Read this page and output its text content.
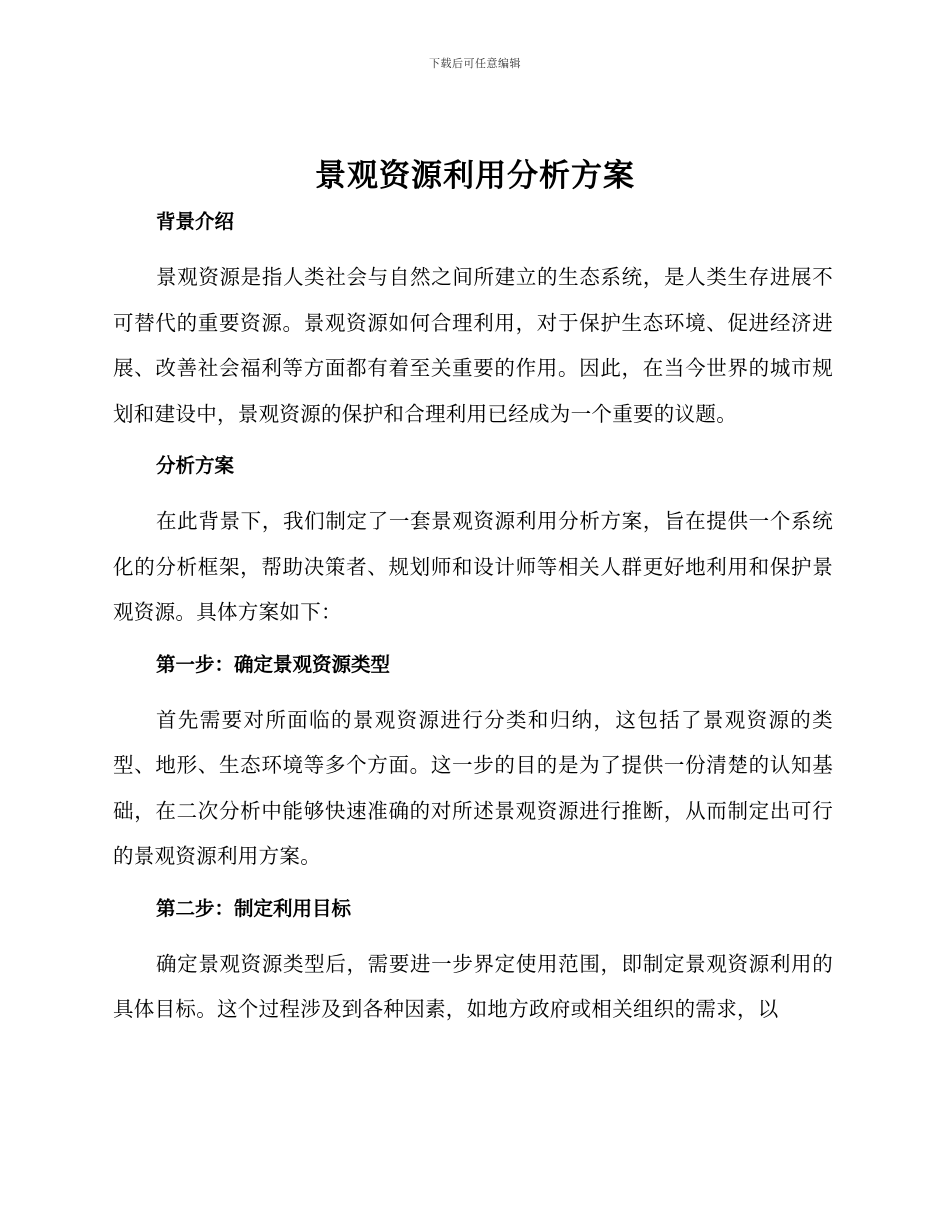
下载后可任意编辑
景观资源利用分析方案
背景介绍

景观资源是指人类社会与自然之间所建立的生态系统，是人类生存进展不可替代的重要资源。景观资源如何合理利用，对于保护生态环境、促进经济进展、改善社会福利等方面都有着至关重要的作用。因此，在当今世界的城市规划和建设中，景观资源的保护和合理利用已经成为一个重要的议题。

分析方案

在此背景下，我们制定了一套景观资源利用分析方案，旨在提供一个系统化的分析框架，帮助决策者、规划师和设计师等相关人群更好地利用和保护景观资源。具体方案如下：

第一步：确定景观资源类型

首先需要对所面临的景观资源进行分类和归纳，这包括了景观资源的类型、地形、生态环境等多个方面。这一步的目的是为了提供一份清楚的认知基础，在二次分析中能够快速准确的对所述景观资源进行推断，从而制定出可行的景观资源利用方案。

第二步：制定利用目标

确定景观资源类型后，需要进一步界定使用范围，即制定景观资源利用的具体目标。这个过程涉及到各种因素，如地方政府或相关组织的需求，以
